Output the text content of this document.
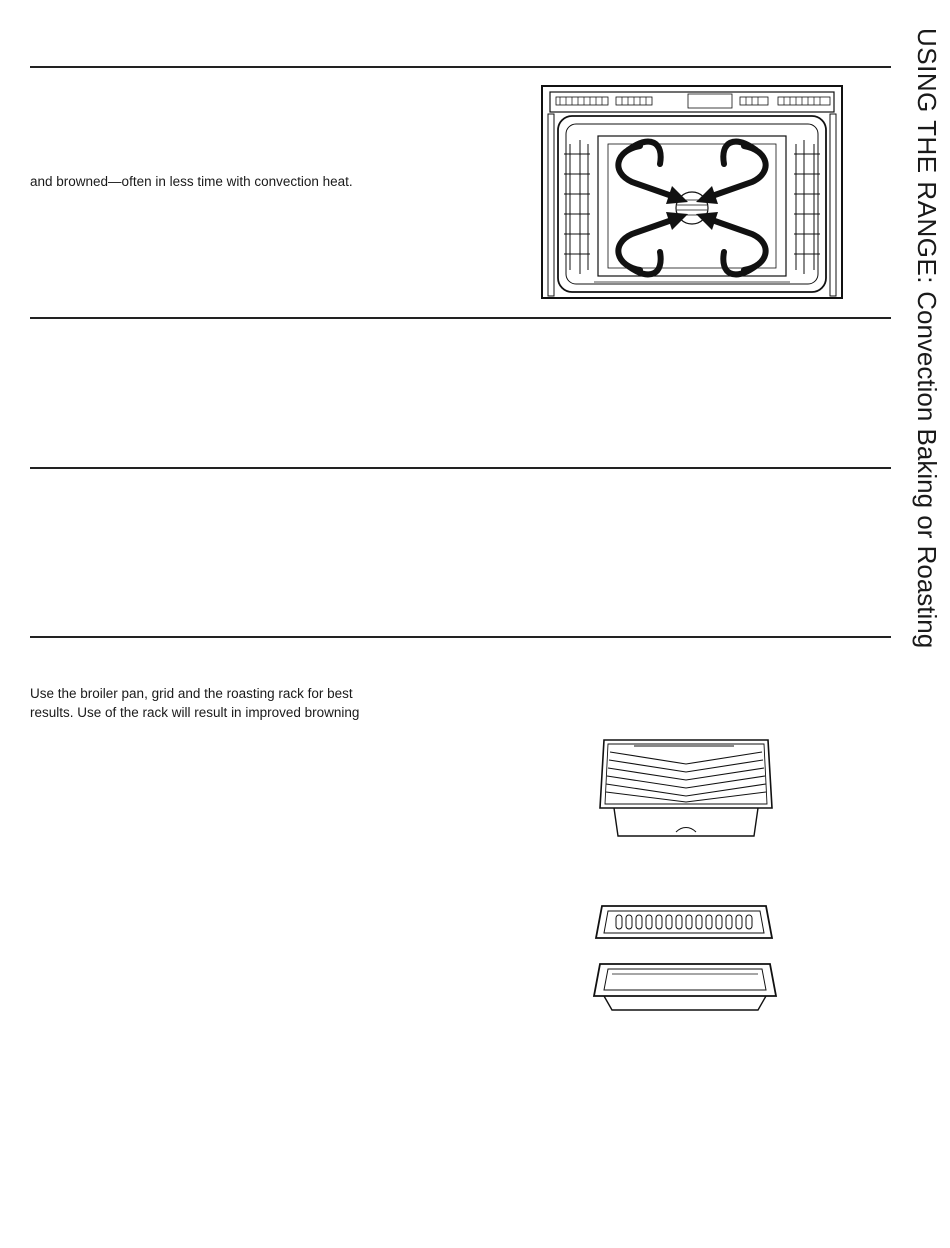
USING THE RANGE: Convection Baking or Roasting
and browned—often in less time with convection heat.
Use the broiler pan, grid and the roasting rack for best
results. Use of the rack will result in improved browning
